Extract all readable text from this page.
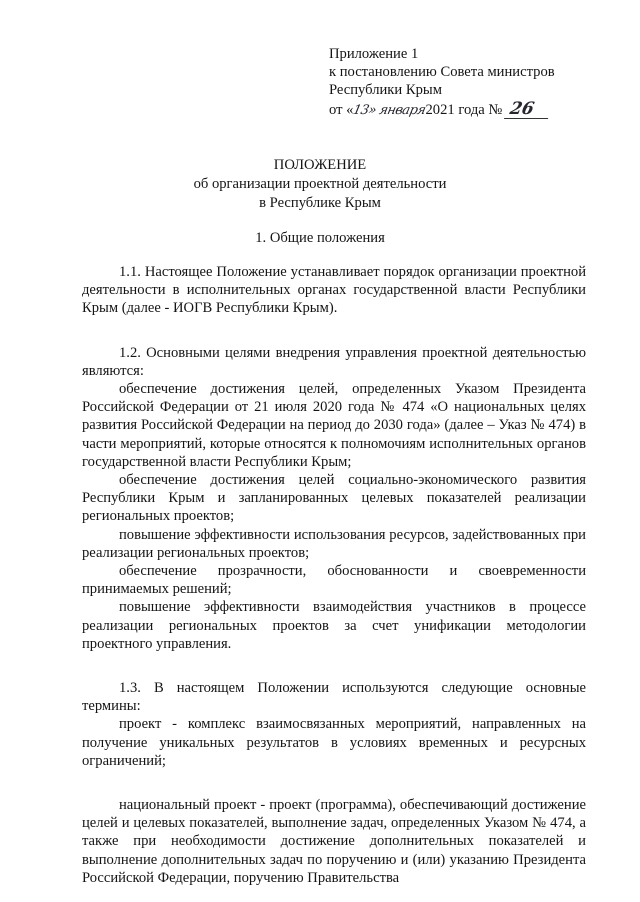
Приложение 1
к постановлению Совета министров
Республики Крым
от «13» января2021 года № 26
ПОЛОЖЕНИЕ
об организации проектной деятельности
в Республике Крым
1. Общие положения

1.1. Настоящее Положение устанавливает порядок организации проектной деятельности в исполнительных органах государственной власти Республики Крым (далее - ИОГВ Республики Крым).

1.2. Основными целями внедрения управления проектной деятельностью являются:

обеспечение достижения целей, определенных Указом Президента Российской Федерации от 21 июля 2020 года № 474 «О национальных целях развития Российской Федерации на период до 2030 года» (далее – Указ № 474) в части мероприятий, которые относятся к полномочиям исполнительных органов государственной власти Республики Крым;

обеспечение достижения целей социально-экономического развития Республики Крым и запланированных целевых показателей реализации региональных проектов;

повышение эффективности использования ресурсов, задействованных при реализации региональных проектов;

обеспечение прозрачности, обоснованности и своевременности принимаемых решений;

повышение эффективности взаимодействия участников в процессе реализации региональных проектов за счет унификации методологии проектного управления.

1.3. В настоящем Положении используются следующие основные термины:

проект - комплекс взаимосвязанных мероприятий, направленных на получение уникальных результатов в условиях временных и ресурсных ограничений;

национальный проект - проект (программа), обеспечивающий достижение целей и целевых показателей, выполнение задач, определенных Указом № 474, а также при необходимости достижение дополнительных показателей и выполнение дополнительных задач по поручению и (или) указанию Президента Российской Федерации, поручению Правительства
